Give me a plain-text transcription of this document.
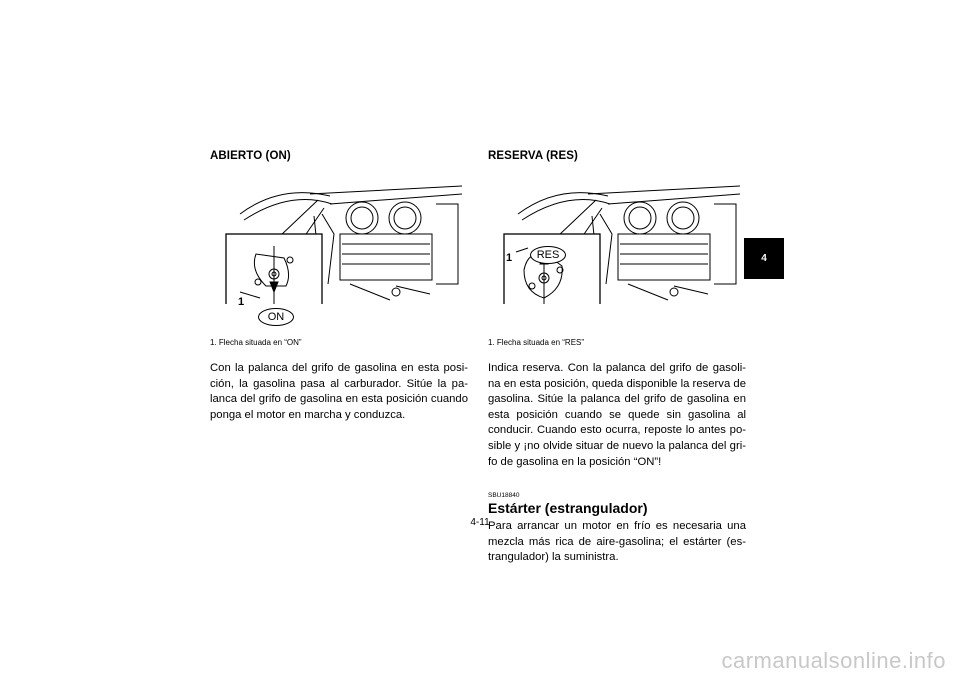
ABIERTO (ON)
1
ON
1. Flecha situada en “ON”

Con la palanca del grifo de gasolina en esta posi-ción, la gasolina pasa al carburador. Sitúe la pa-lanca del grifo de gasolina en esta posición cuando ponga el motor en marcha y conduzca.

RESERVA (RES)
1	RES
1. Flecha situada en “RES”

Indica reserva. Con la palanca del grifo de gasoli-na en esta posición, queda disponible la reserva de gasolina. Sitúe la palanca del grifo de gasolina en esta posición cuando se quede sin gasolina al conducir. Cuando esto ocurra, reposte lo antes po-sible y ¡no olvide situar de nuevo la palanca del gri-fo de gasolina en la posición “ON”!

SBU18840
Estárter (estrangulador)

Para arrancar un motor en frío es necesaria una mezcla más rica de aire-gasolina; el estárter (es-trangulador) la suministra.

4-11
4
carmanualsonline.info
